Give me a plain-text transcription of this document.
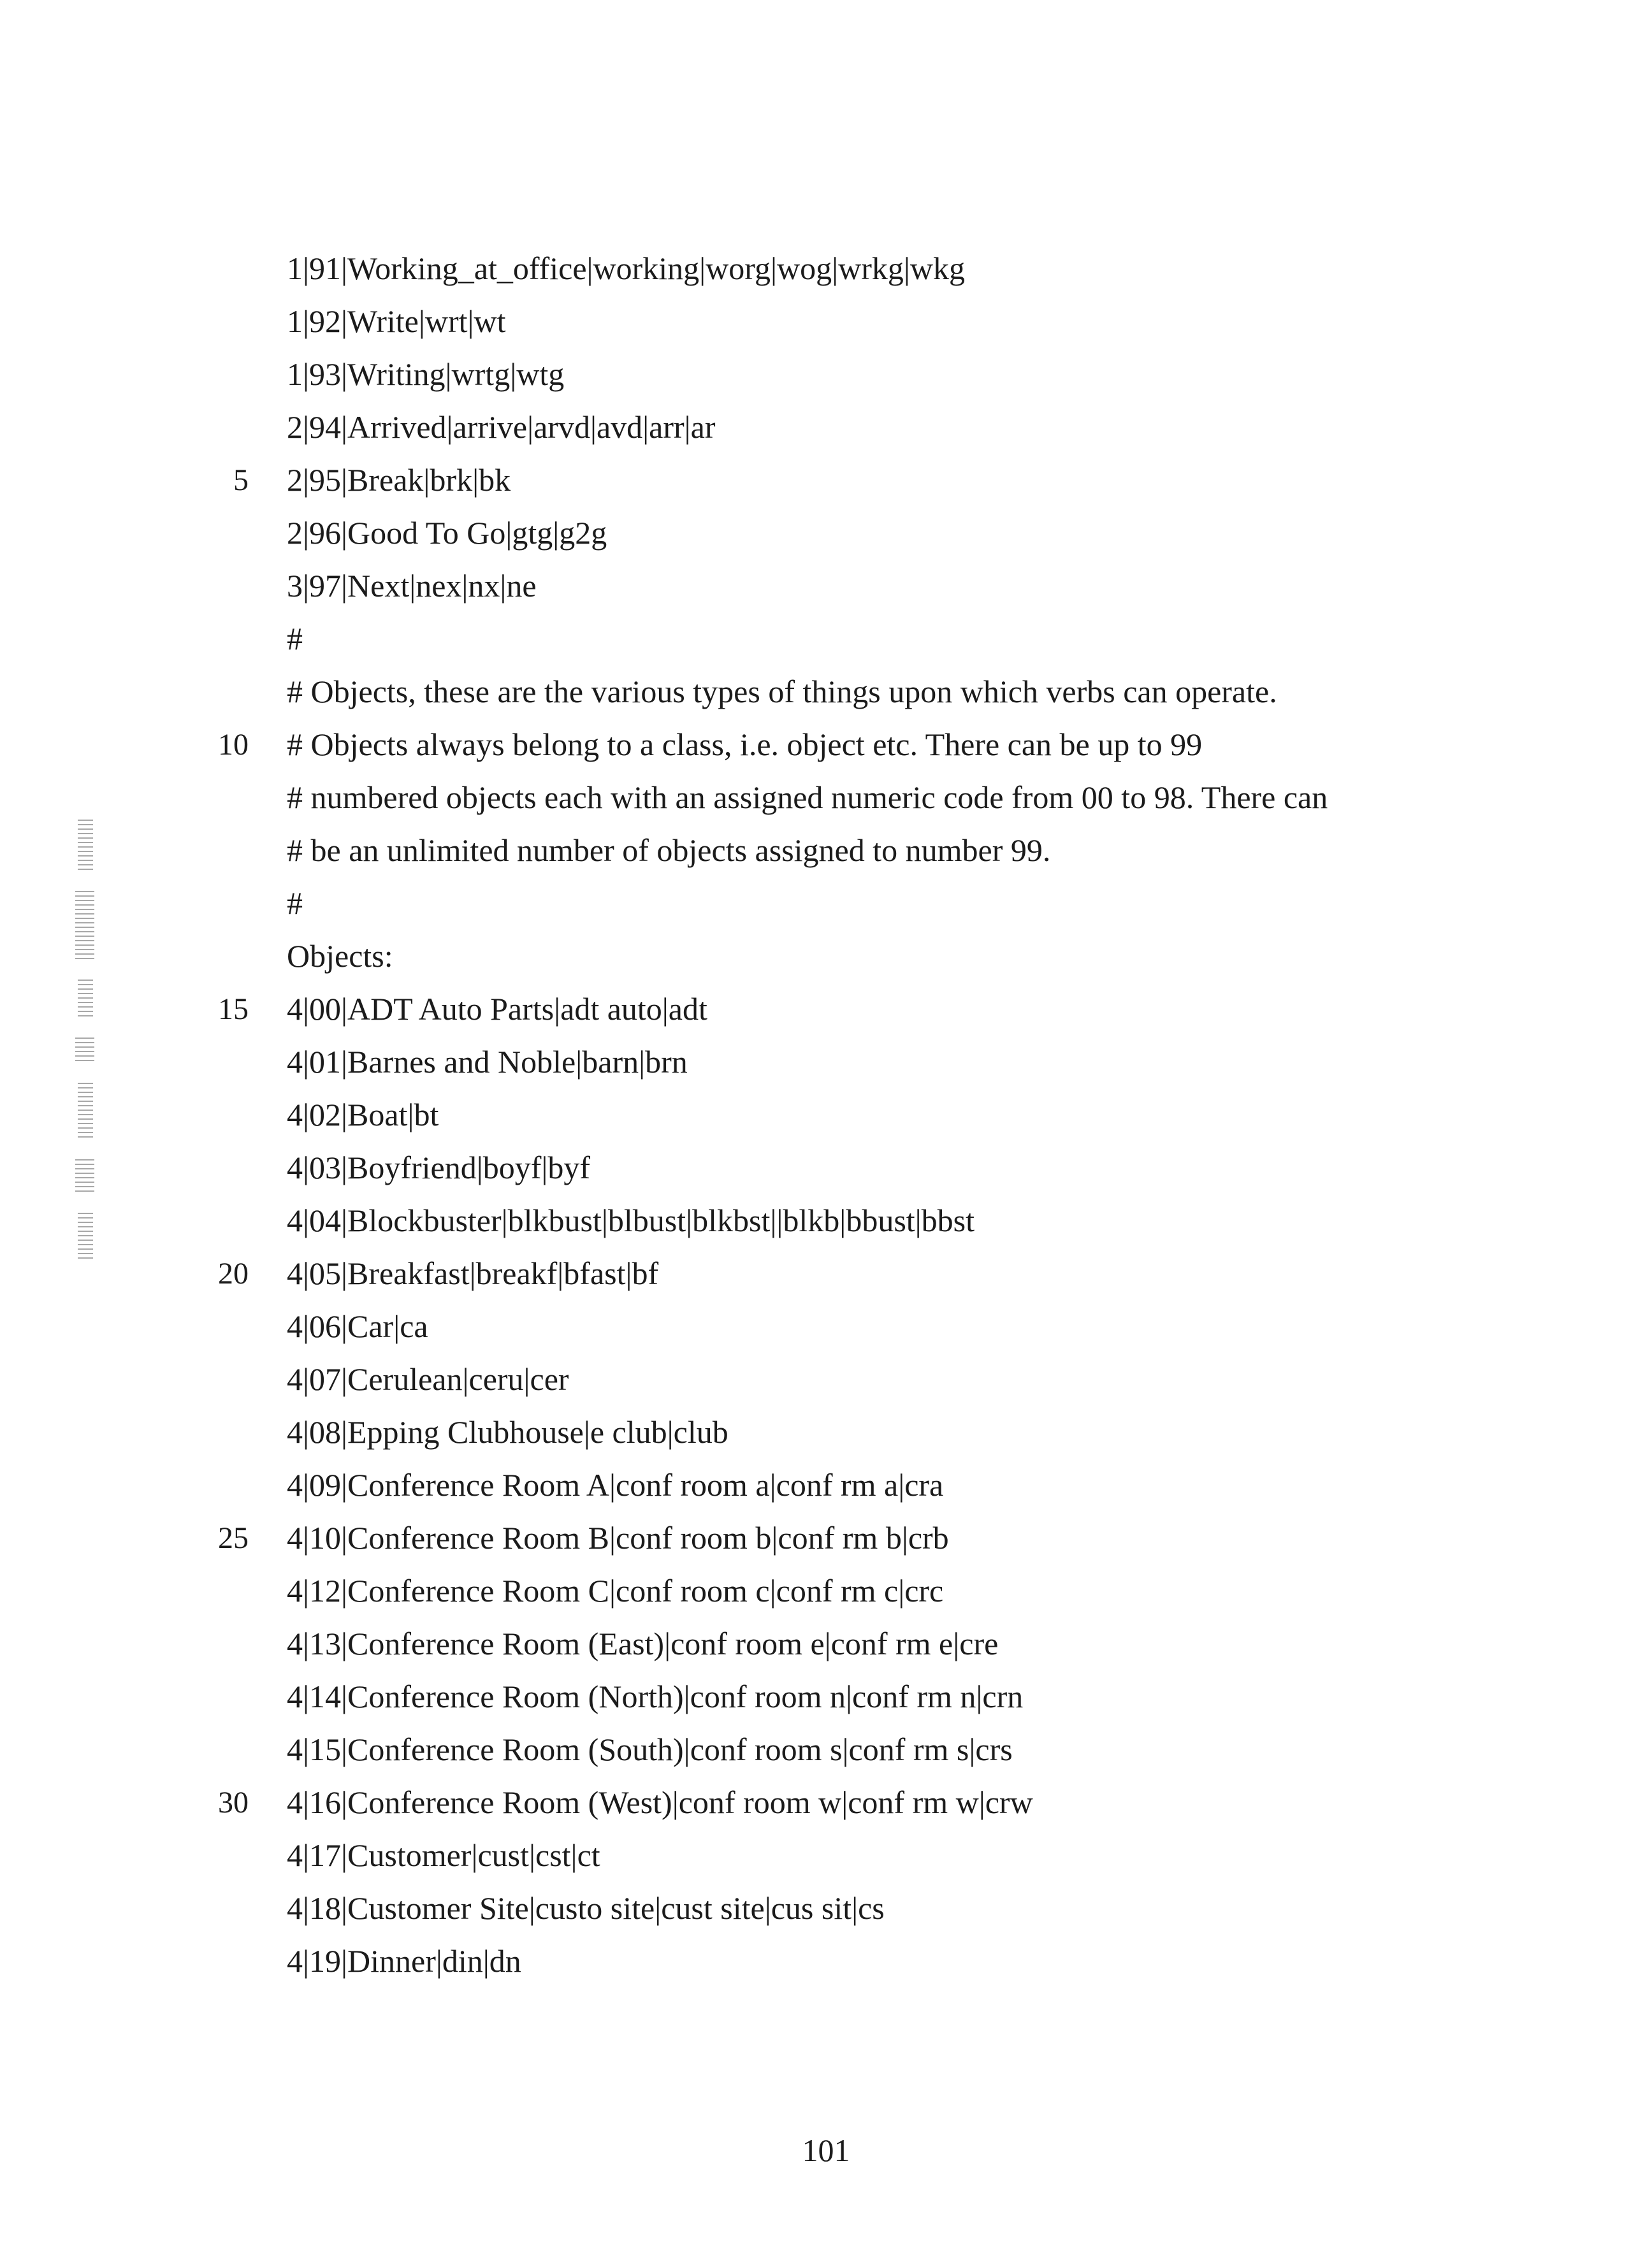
1|91|Working_at_office|working|worg|wog|wrkg|wkg
1|92|Write|wrt|wt
1|93|Writing|wrtg|wtg
2|94|Arrived|arrive|arvd|avd|arr|ar
5 2|95|Break|brk|bk
2|96|Good To Go|gtg|g2g
3|97|Next|nex|nx|ne
#
# Objects, these are the various types of things upon which verbs can operate.
10 # Objects always belong to a class, i.e. object etc. There can be up to 99
# numbered objects each with an assigned numeric code from 00 to 98. There can
# be an unlimited number of objects assigned to number 99.
#
Objects:
15 4|00|ADT Auto Parts|adt auto|adt
4|01|Barnes and Noble|barn|brn
4|02|Boat|bt
4|03|Boyfriend|boyf|byf
4|04|Blockbuster|blkbust|blbust|blkbst||blkb|bbust|bbst
20 4|05|Breakfast|breakf|bfast|bf
4|06|Car|ca
4|07|Cerulean|ceru|cer
4|08|Epping Clubhouse|e club|club
4|09|Conference Room A|conf room a|conf rm a|cra
25 4|10|Conference Room B|conf room b|conf rm b|crb
4|12|Conference Room C|conf room c|conf rm c|crc
4|13|Conference Room (East)|conf room e|conf rm e|cre
4|14|Conference Room (North)|conf room n|conf rm n|crn
4|15|Conference Room (South)|conf room s|conf rm s|crs
30 4|16|Conference Room (West)|conf room w|conf rm w|crw
4|17|Customer|cust|cst|ct
4|18|Customer Site|custo site|cust site|cus sit|cs
4|19|Dinner|din|dn
101
